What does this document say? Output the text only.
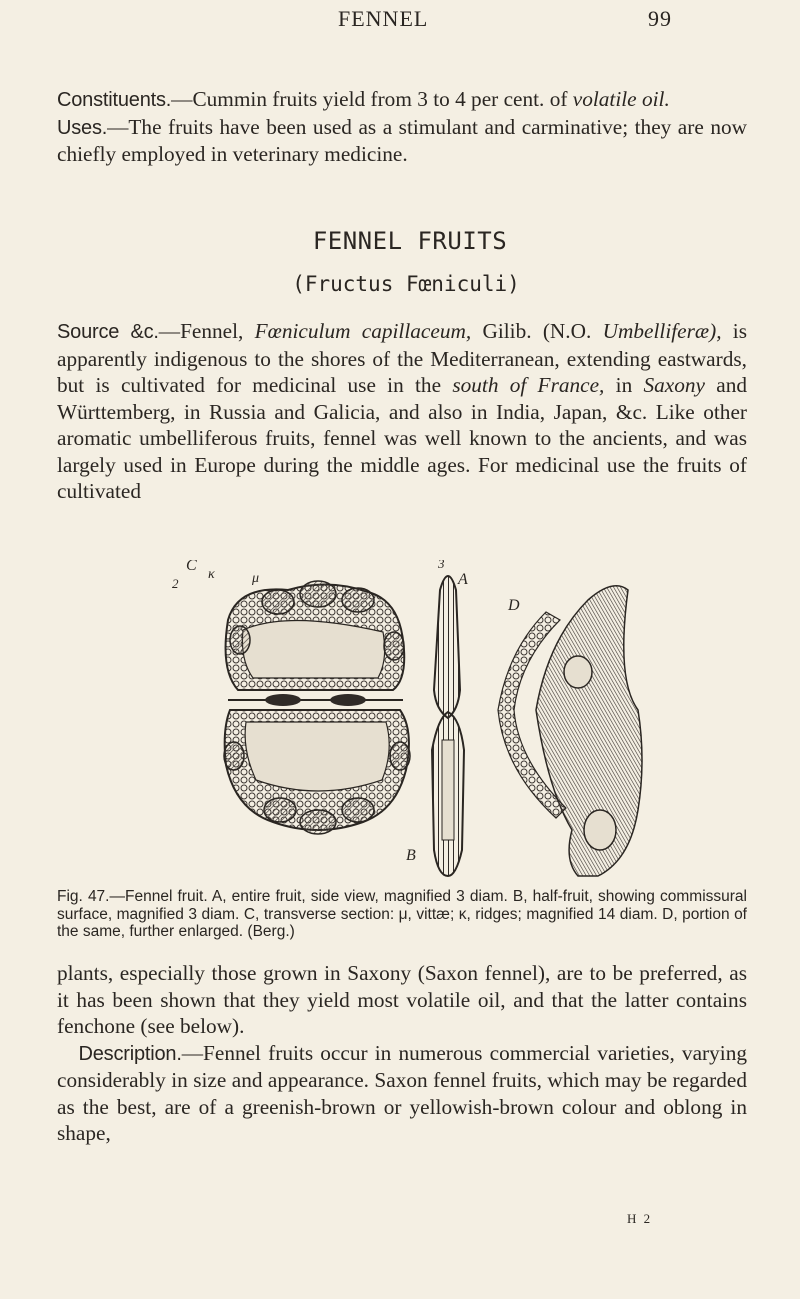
FENNEL	99

Constituents.—Cummin fruits yield from 3 to 4 per cent. of volatile oil.

Uses.—The fruits have been used as a stimulant and carminative; they are now chiefly employed in veterinary medicine.

FENNEL FRUITS
(Fructus Fœniculi)

Source &c.—Fennel, Fœniculum capillaceum, Gilib. (N.O. Umbelliferæ), is apparently indigenous to the shores of the Mediterranean, extending eastwards, but is cultivated for medicinal use in the south of France, in Saxony and Württemberg, in Russia and Galicia, and also in India, Japan, &c. Like other aromatic umbelliferous fruits, fennel was well known to the ancients, and was largely used in Europe during the middle ages. For medicinal use the fruits of cultivated

C
2
κ	μ
3
A
B
D
Fig. 47.—Fennel fruit. A, entire fruit, side view, magnified 3 diam. B, half-fruit, showing commissural surface, magnified 3 diam. C, transverse section: μ, vittæ; κ, ridges; magnified 14 diam. D, portion of the same, further enlarged. (Berg.)

plants, especially those grown in Saxony (Saxon fennel), are to be preferred, as it has been shown that they yield most volatile oil, and that the latter contains fenchone (see below).

Description.—Fennel fruits occur in numerous commercial varieties, varying considerably in size and appearance. Saxon fennel fruits, which may be regarded as the best, are of a greenish-brown or yellowish-brown colour and oblong in shape,

H 2
